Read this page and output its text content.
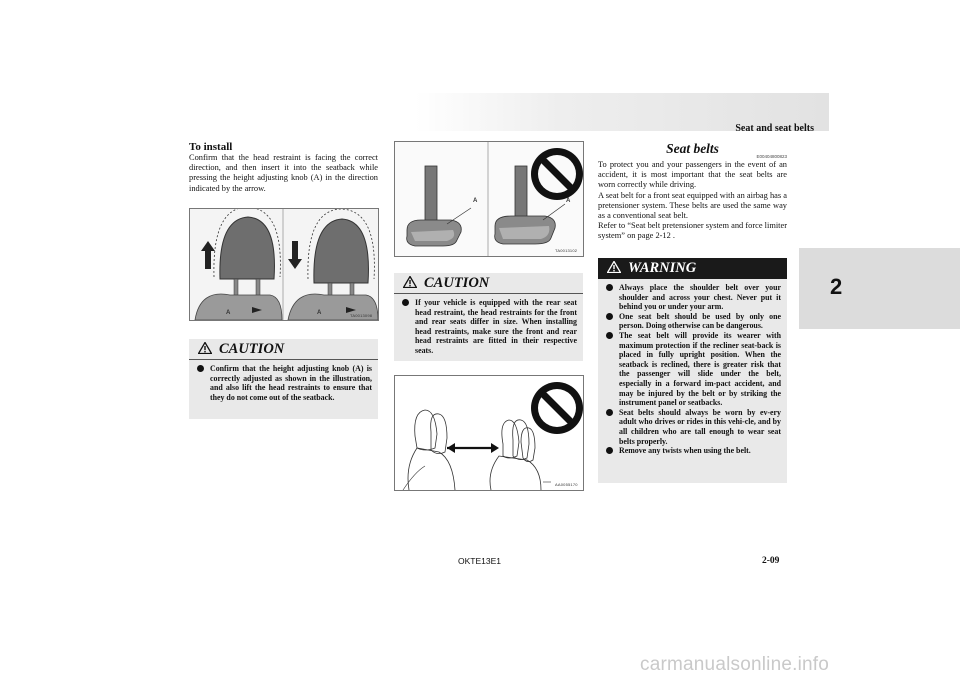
Seat and seat belts
2
To install

Confirm that the head restraint is facing the correct direction, and then insert it into the seatback while pressing the height adjusting knob (A) in the direction indicated by the arrow.

A	A	TA0013098
CAUTION
Confirm that the height adjusting knob (A) is correctly adjusted as shown in the illustration, and also lift the head restraints to ensure that they do not come out of the seatback.
A	A
TA0013102
CAUTION
If your vehicle is equipped with the rear seat head restraint, the head restraints for the front and rear seats differ in size. When installing head restraints, make sure the front and rear head restraints are fitted in their respective seats.
AA0055170

Seat belts

E00404800823

To protect you and your passengers in the event of an accident, it is most important that the seat belts are worn correctly while driving.

A seat belt for a front seat equipped with an airbag has a pretensioner system. These belts are used the same way as a conventional seat belt.

Refer to “Seat belt pretensioner system and force limiter system” on page 2-12 .

WARNING
Always place the shoulder belt over your shoulder and across your chest. Never put it behind you or under your arm.
One seat belt should be used by only one person. Doing otherwise can be dangerous.
The seat belt will provide its wearer with maximum protection if the recliner seat-back is placed in fully upright position. When the seatback is reclined, there is greater risk that the passenger will slide under the belt, especially in a forward im-pact accident, and may be injured by the belt or by striking the instrument panel or seatbacks.
Seat belts should always be worn by ev-ery adult who drives or rides in this vehi-cle, and by all children who are tall enough to wear seat belts properly.
Remove any twists when using the belt.
OKTE13E1	2-09
carmanualsonline.info
